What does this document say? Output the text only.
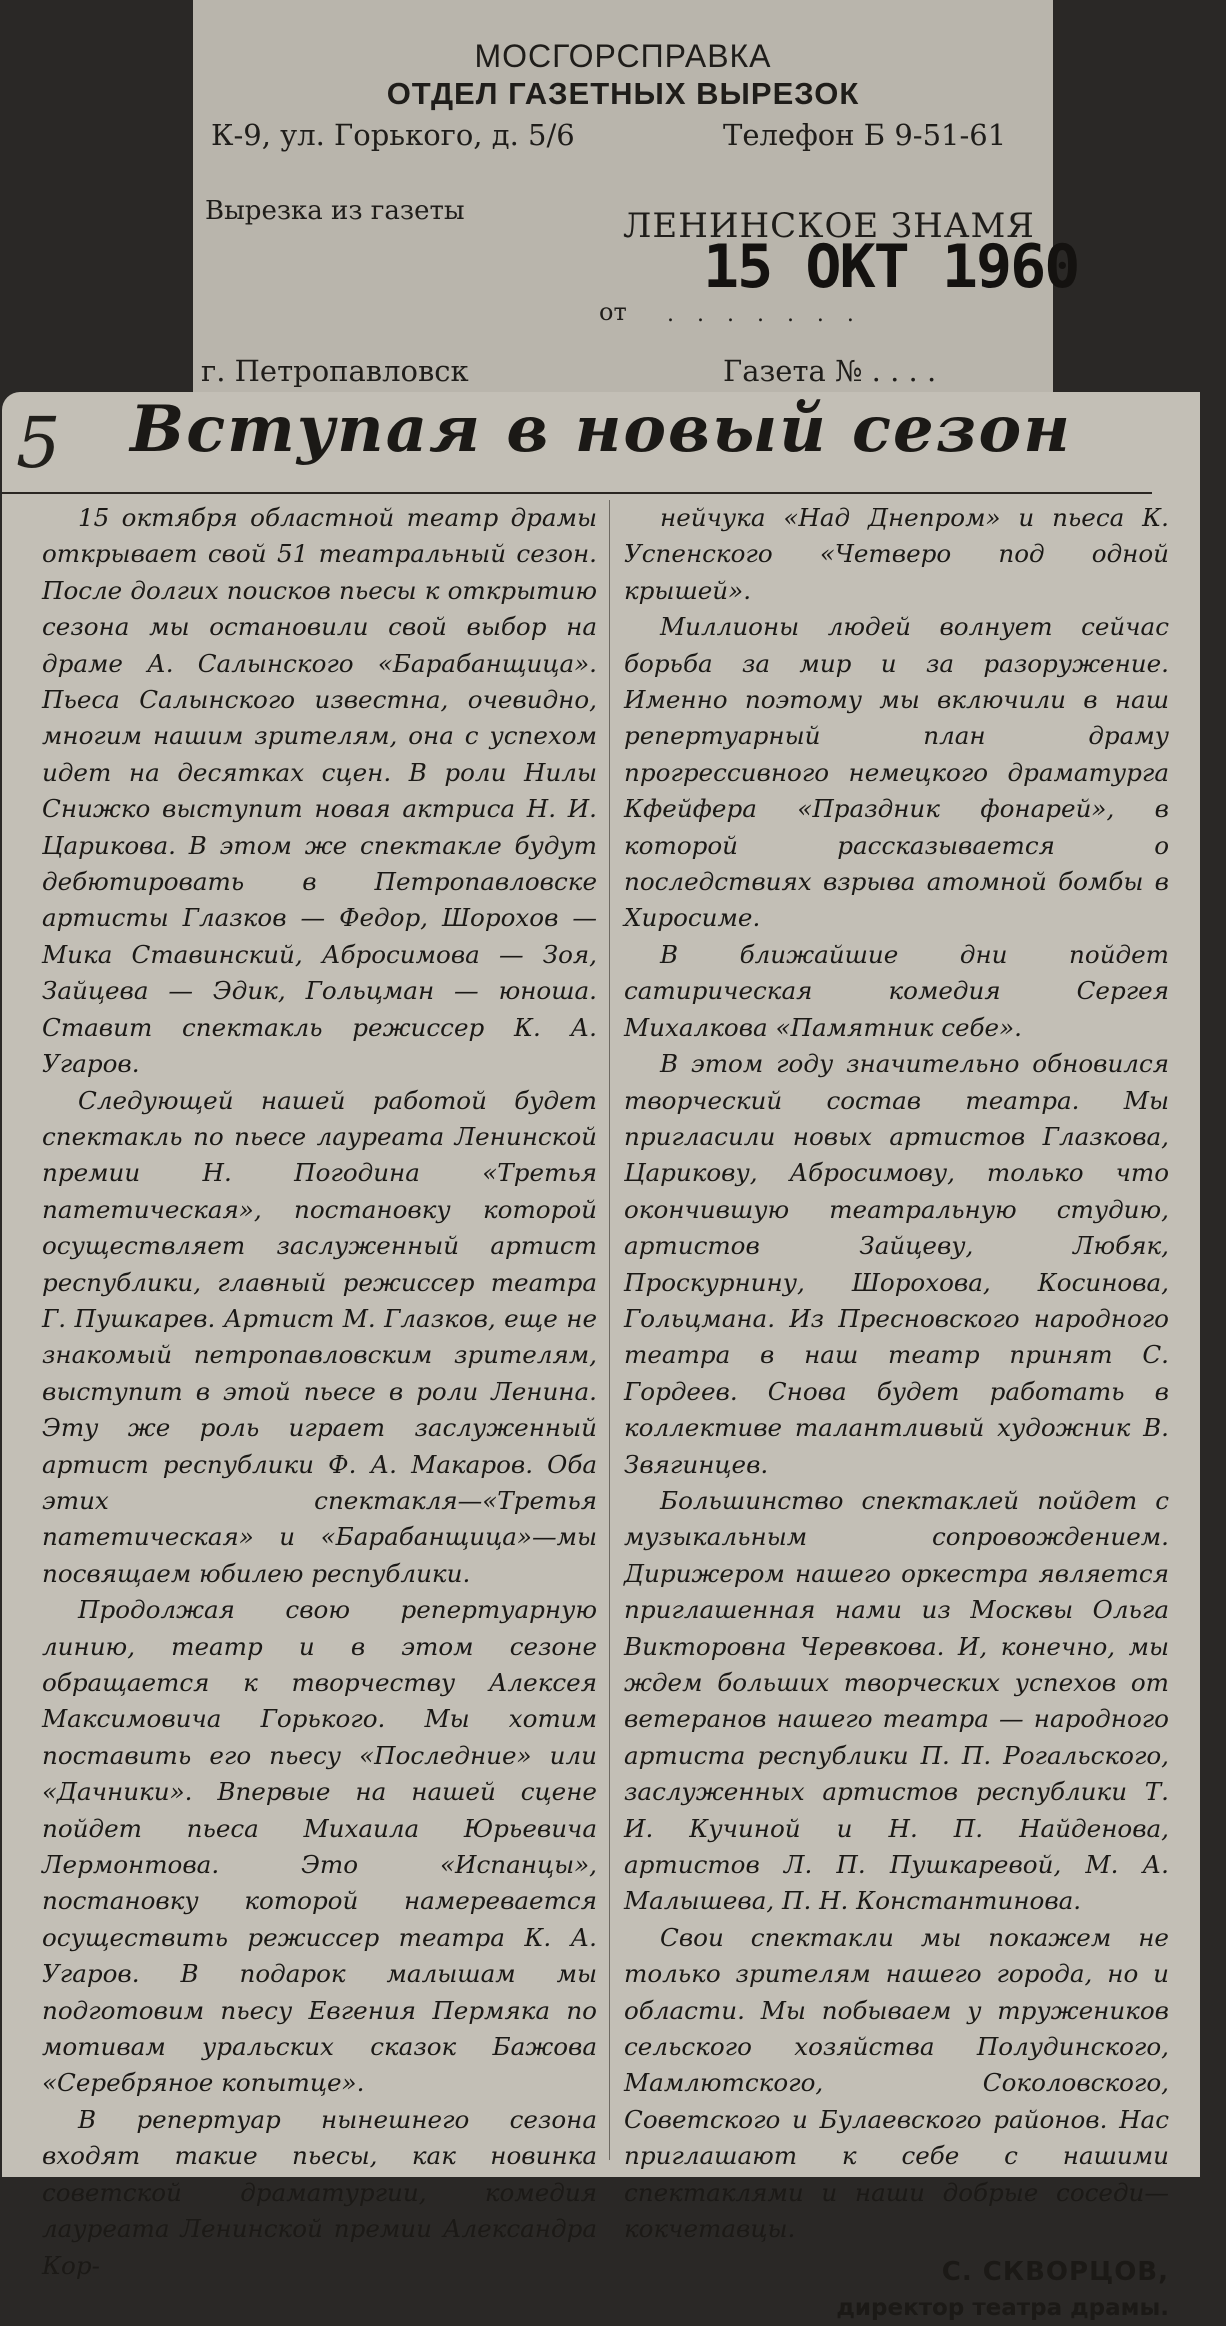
МОСГОРСПРАВКА
ОТДЕЛ ГАЗЕТНЫХ ВЫРЕЗОК
К-9, ул. Горького, д. 5/6	Телефон Б 9-51-61
Вырезка из газеты	ЛЕНИНСКОЕ ЗНАМЯ
15 ОКТ 1960
от . . . . . . .
г. Петропавловск	Газета № . . . .
5	Вступая в новый сезон

15 октября областной театр драмы открывает свой 51 театральный сезон. После долгих поисков пьесы к открытию сезона мы остановили свой выбор на драме А. Салынского «Барабанщица». Пьеса Салынского известна, очевидно, многим нашим зрителям, она с успехом идет на десятках сцен. В роли Нилы Снижко выступит новая актриса Н. И. Царикова. В этом же спектакле будут дебютировать в Петропавловске артисты Глазков — Федор, Шорохов — Мика Ставинский, Абросимова — Зоя, Зайцева — Эдик, Гольцман — юноша. Ставит спектакль режиссер К. А. Угаров.

Следующей нашей работой будет спектакль по пьесе лауреата Ленинской премии Н. Погодина «Третья патетическая», постановку которой осуществляет заслуженный артист республики, главный режиссер театра Г. Пушкарев. Артист М. Глазков, еще не знакомый петропавловским зрителям, выступит в этой пьесе в роли Ленина. Эту же роль играет заслуженный артист республики Ф. А. Макаров. Оба этих спектакля—«Третья патетическая» и «Барабанщица»—мы посвящаем юбилею республики.

Продолжая свою репертуарную линию, театр и в этом сезоне обращается к творчеству Алексея Максимовича Горького. Мы хотим поставить его пьесу «Последние» или «Дачники». Впервые на нашей сцене пойдет пьеса Михаила Юрьевича Лермонтова. Это «Испанцы», постановку которой намеревается осуществить режиссер театра К. А. Угаров. В подарок малышам мы подготовим пьесу Евгения Пермяка по мотивам уральских сказок Бажова «Серебряное копытце».

В репертуар нынешнего сезона входят такие пьесы, как новинка советской драматургии, комедия лауреата Ленинской премии Александра Кор-

нейчука «Над Днепром» и пьеса К. Успенского «Четверо под одной крышей».

Миллионы людей волнует сейчас борьба за мир и за разоружение. Именно поэтому мы включили в наш репертуарный план драму прогрессивного немецкого драматурга Кфейфера «Праздник фонарей», в которой рассказывается о последствиях взрыва атомной бомбы в Хиросиме.

В ближайшие дни пойдет сатирическая комедия Сергея Михалкова «Памятник себе».

В этом году значительно обновился творческий состав театра. Мы пригласили новых артистов Глазкова, Царикову, Абросимову, только что окончившую театральную студию, артистов Зайцеву, Любяк, Проскурнину, Шорохова, Косинова, Гольцмана. Из Пресновского народного театра в наш театр принят С. Гордеев. Снова будет работать в коллективе талантливый художник В. Звягинцев.

Большинство спектаклей пойдет с музыкальным сопровождением. Дирижером нашего оркестра является приглашенная нами из Москвы Ольга Викторовна Черевкова. И, конечно, мы ждем больших творческих успехов от ветеранов нашего театра — народного артиста республики П. П. Рогальского, заслуженных артистов республики Т. И. Кучиной и Н. П. Найденова, артистов Л. П. Пушкаревой, М. А. Малышева, П. Н. Константинова.

Свои спектакли мы покажем не только зрителям нашего города, но и области. Мы побываем у тружеников сельского хозяйства Полудинского, Мамлютского, Соколовского, Советского и Булаевского районов. Нас приглашают к себе с нашими спектаклями и наши добрые соседи—кокчетавцы.

С. СКВОРЦОВ,
директор театра драмы.
